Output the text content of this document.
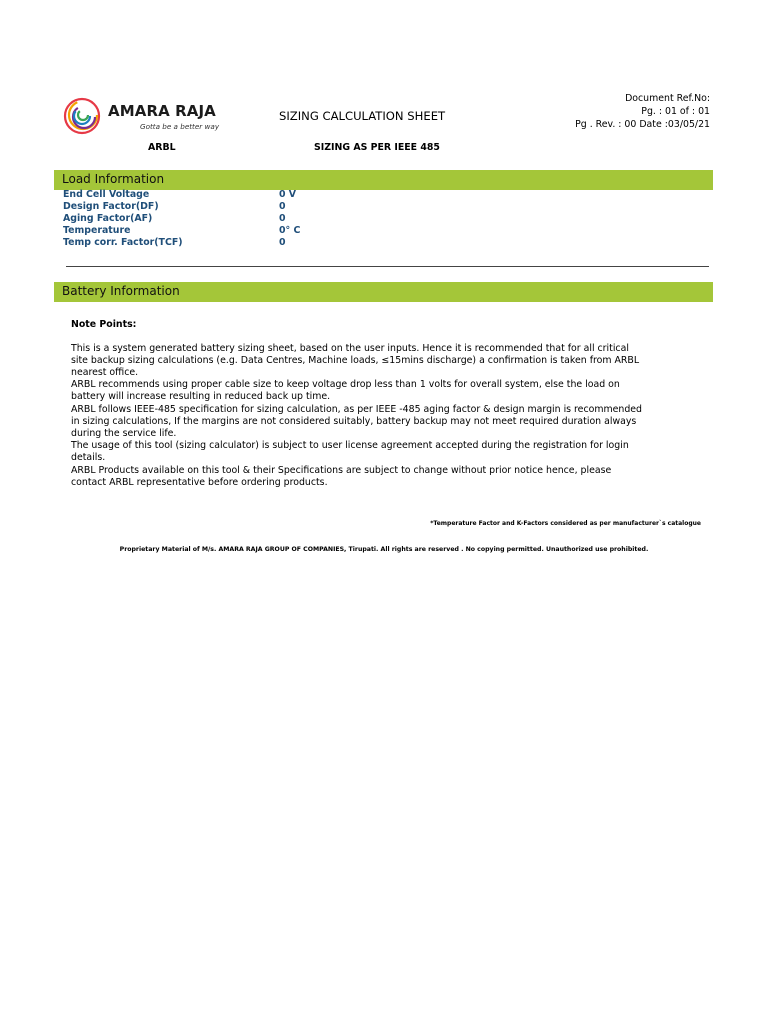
AMARA RAJA
Gotta be a better way
SIZING CALCULATION SHEET
Document Ref.No:
Pg. : 01 of : 01
Pg . Rev. : 00 Date :03/05/21
ARBL	SIZING AS PER IEEE 485
Load Information
End Cell Voltage	0 V
Design Factor(DF)	0
Aging Factor(AF)	0
Temperature	0° C
Temp corr. Factor(TCF)	0
Battery Information
Note Points:
This is a system generated battery sizing sheet, based on the user inputs. Hence it is recommended that for all critical
site backup sizing calculations (e.g. Data Centres, Machine loads, ≤15mins discharge) a confirmation is taken from ARBL
nearest office.
ARBL recommends using proper cable size to keep voltage drop less than 1 volts for overall system, else the load on
battery will increase resulting in reduced back up time.
ARBL follows IEEE-485 specification for sizing calculation, as per IEEE -485 aging factor & design margin is recommended
in sizing calculations, If the margins are not considered suitably, battery backup may not meet required duration always
during the service life.
The usage of this tool (sizing calculator) is subject to user license agreement accepted during the registration for login
details.
ARBL Products available on this tool & their Specifications are subject to change without prior notice hence, please
contact ARBL representative before ordering products.
*Temperature Factor and K-Factors considered as per manufacturer`s catalogue
Proprietary Material of M/s. AMARA RAJA GROUP OF COMPANIES, Tirupati. All rights are reserved . No copying permitted. Unauthorized use prohibited.
